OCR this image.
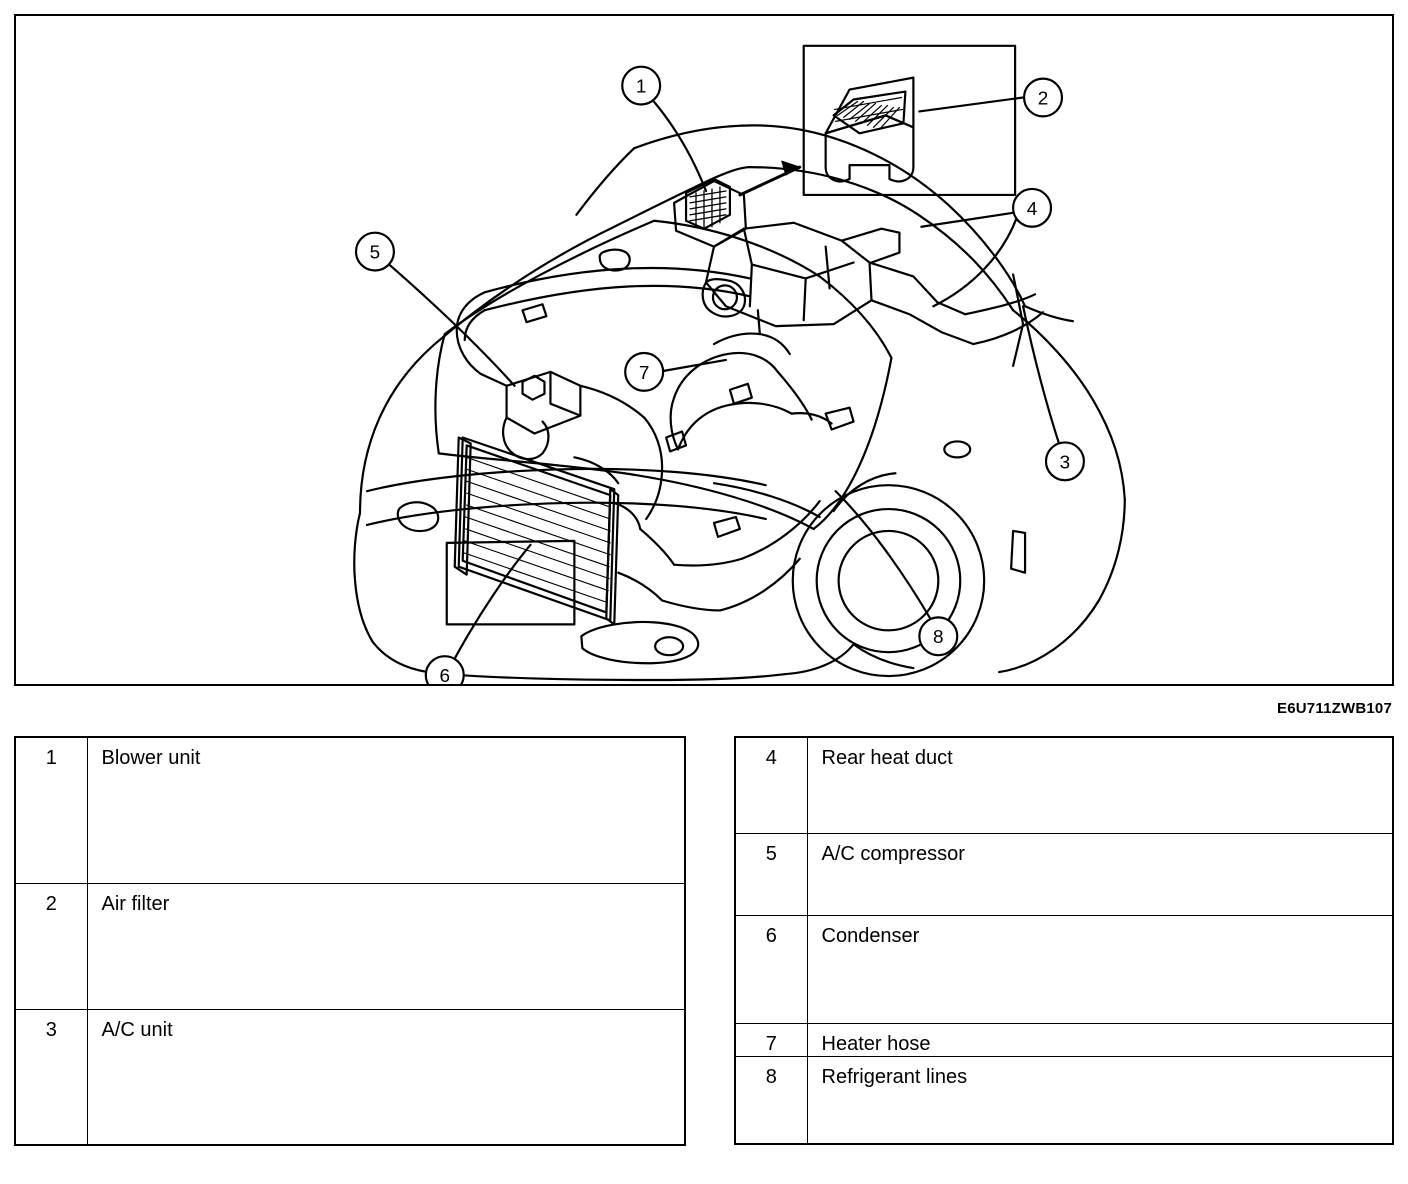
1
2
3
4
5
6
7
8
E6U711ZWB107
1	Blower unit
2	Air filter
3	A/C unit
4	Rear heat duct
5	A/C compressor
6	Condenser
7	Heater hose
8	Refrigerant lines
